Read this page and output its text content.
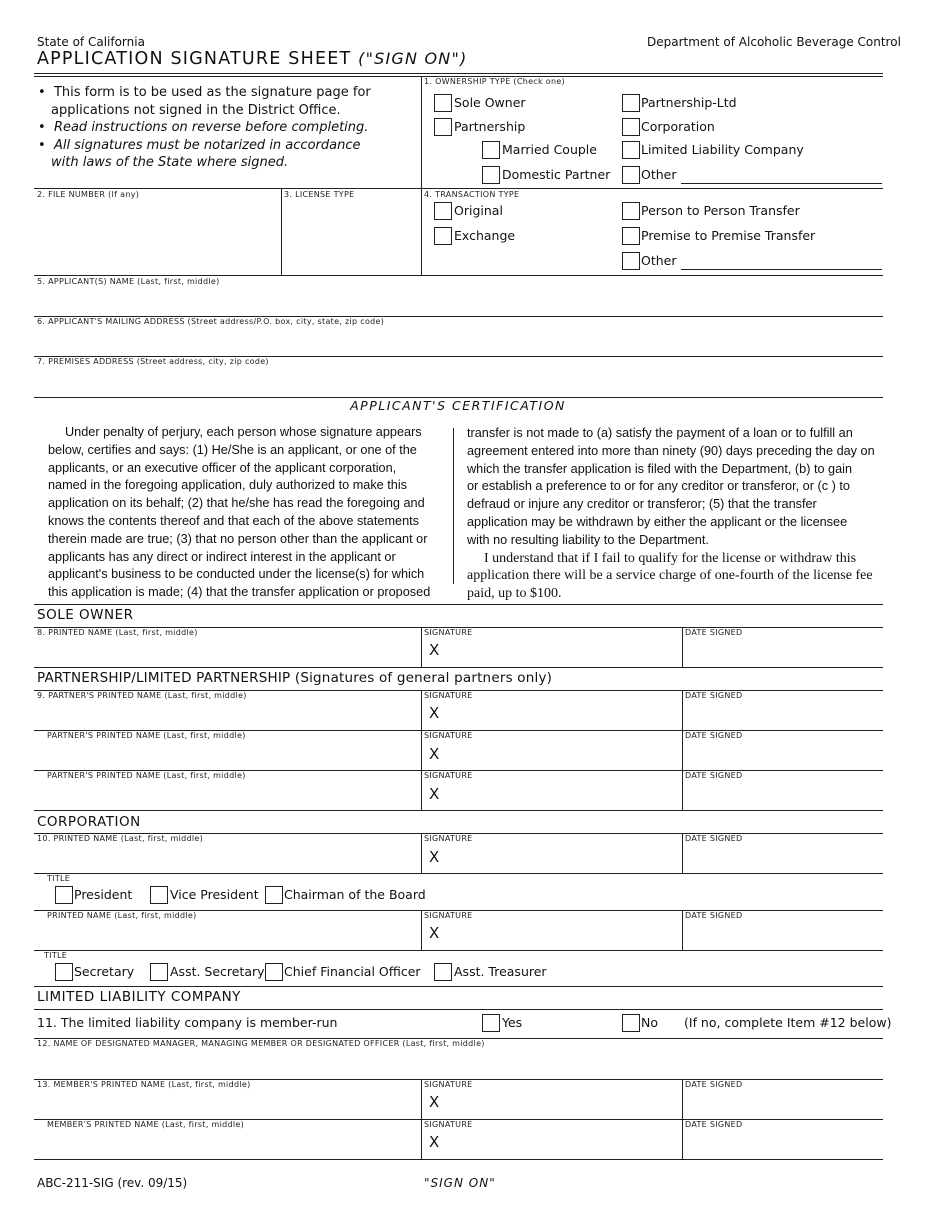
State of California	Department of Alcoholic Beverage Control
APPLICATION SIGNATURE SHEET ("SIGN ON")
•  This form is to be used as the signature page for
applications not signed in the District Office.
•  Read instructions on reverse before completing.
•  All signatures must be notarized in accordance
with laws of the State where signed.
1. OWNERSHIP TYPE (Check one)
Sole Owner	Partnership-Ltd
Partnership	Corporation
Married Couple	Limited Liability Company
Domestic Partner Other
2. FILE NUMBER (If any)	3. LICENSE TYPE	4. TRANSACTION TYPE
Original	Person to Person Transfer
Exchange	Premise to Premise Transfer
Other
5. APPLICANT(S) NAME (Last, first, middle)
6. APPLICANT'S MAILING ADDRESS (Street address/P.O. box, city, state, zip code)
7. PREMISES ADDRESS (Street address, city, zip code)
APPLICANT'S CERTIFICATION
Under penalty of perjury, each person whose signature appears
below, certifies and says: (1) He/She is an applicant, or one of the
applicants, or an executive officer of the applicant corporation,
named in the foregoing application, duly authorized to make this
application on its behalf; (2) that he/she has read the foregoing and
knows the contents thereof and that each of the above statements
therein made are true; (3) that no person other than the applicant or
applicants has any direct or indirect interest in the applicant or
applicant's business to be conducted under the license(s) for which
this application is made; (4) that the transfer application or proposed
transfer is not made to (a) satisfy the payment of a loan or to fulfill an
agreement entered into more than ninety (90) days preceding the day on
which the transfer application is filed with the Department, (b) to gain
or establish a preference to or for any creditor or transferor, or (c ) to
defraud or injure any creditor or transferor; (5) that the transfer
application may be withdrawn by either the applicant or the licensee
with no resulting liability to the Department.
I understand that if I fail to qualify for the license or withdraw this
application there will be a service charge of one-fourth of the license fee
paid, up to $100.
SOLE OWNER
8. PRINTED NAME (Last, first, middle)	SIGNATURE	DATE SIGNED
X
PARTNERSHIP/LIMITED PARTNERSHIP (Signatures of general partners only)
9. PARTNER'S PRINTED NAME (Last, first, middle)	SIGNATURE	DATE SIGNED
X
PARTNER'S PRINTED NAME (Last, first, middle)	SIGNATURE	DATE SIGNED
X
PARTNER'S PRINTED NAME (Last, first, middle)	SIGNATURE	DATE SIGNED
X
CORPORATION
10. PRINTED NAME (Last, first, middle)	SIGNATURE	DATE SIGNED
X
TITLE
President	Vice President Chairman of the Board
PRINTED NAME (Last, first, middle)	SIGNATURE	DATE SIGNED
X
TITLE
Secretary	Asst. Secretary Chief Financial Officer	Asst. Treasurer
LIMITED LIABILITY COMPANY
11. The limited liability company is member-run	Yes	No (If no, complete Item #12 below)
12. NAME OF DESIGNATED MANAGER, MANAGING MEMBER OR DESIGNATED OFFICER (Last, first, middle)
13. MEMBER'S PRINTED NAME (Last, first, middle)	SIGNATURE	DATE SIGNED
X
MEMBER'S PRINTED NAME (Last, first, middle)	SIGNATURE	DATE SIGNED
X
ABC-211-SIG (rev. 09/15)	"SIGN ON"
